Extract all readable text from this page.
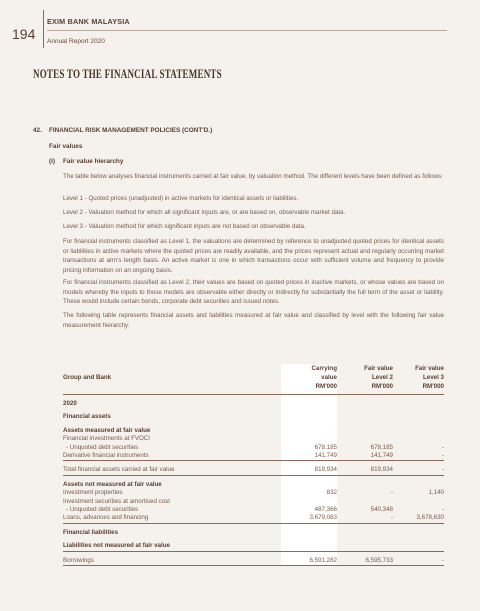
194
EXIM BANK MALAYSIA
Annual Report 2020
NOTES TO THE FINANCIAL STATEMENTS
42. FINANCIAL RISK MANAGEMENT POLICIES (CONT'D.)
Fair values
(i) Fair value hierarchy
The table below analyses financial instruments carried at fair value, by valuation method. The different levels have been defined as follows:
Level 1 - Quoted prices (unadjusted) in active markets for identical assets or liabilities.
Level 2 - Valuation method for which all significant inputs are, or are based on, observable market data.
Level 3 - Valuation method for which significant inputs are not based on observable data.
For financial instruments classified as Level 1, the valuations are determined by reference to unadjusted quoted prices for identical assets or liabilities in active markets where the quoted prices are readily available, and the prices represent actual and regularly occurring market transactions at arm's length basis. An active market is one in which transactions occur with sufficient volume and frequency to provide pricing information on an ongoing basis.
For financial instruments classified as Level 2, their values are based on quoted prices in inactive markets, or whose values are based on models whereby the inputs to those models are observable either directly or indirectly for substantially the full term of the asset or liability. These would include certain bonds, corporate debt securities and issued notes.
The following table represents financial assets and liabilities measured at fair value and classified by level with the following fair value measurement hierarchy:
	Carrying	Fair value	Fair value
Group and Bank	value	Level 2	Level 3
	RM'000	RM'000	RM'000

2020			

Financial assets			

Assets measured at fair value			
Financial investments at FVOCI			
- Unquoted debt securities	678,185	678,185	-
Derivative financial instruments	141,749	141,749	-

Total financial assets carried at fair value	819,934	819,934	-

Assets not measured at fair value			
Investment properties	832	-	1,140
Investment securities at amortised cost			
- Unquoted debt securities	487,366	540,348	-
Loans, advances and financing	3,679,083	-	3,678,630

Financial liabilities			

Liabilities not measured at fair value			

Borrowings	6,591,282	6,595,733	-
